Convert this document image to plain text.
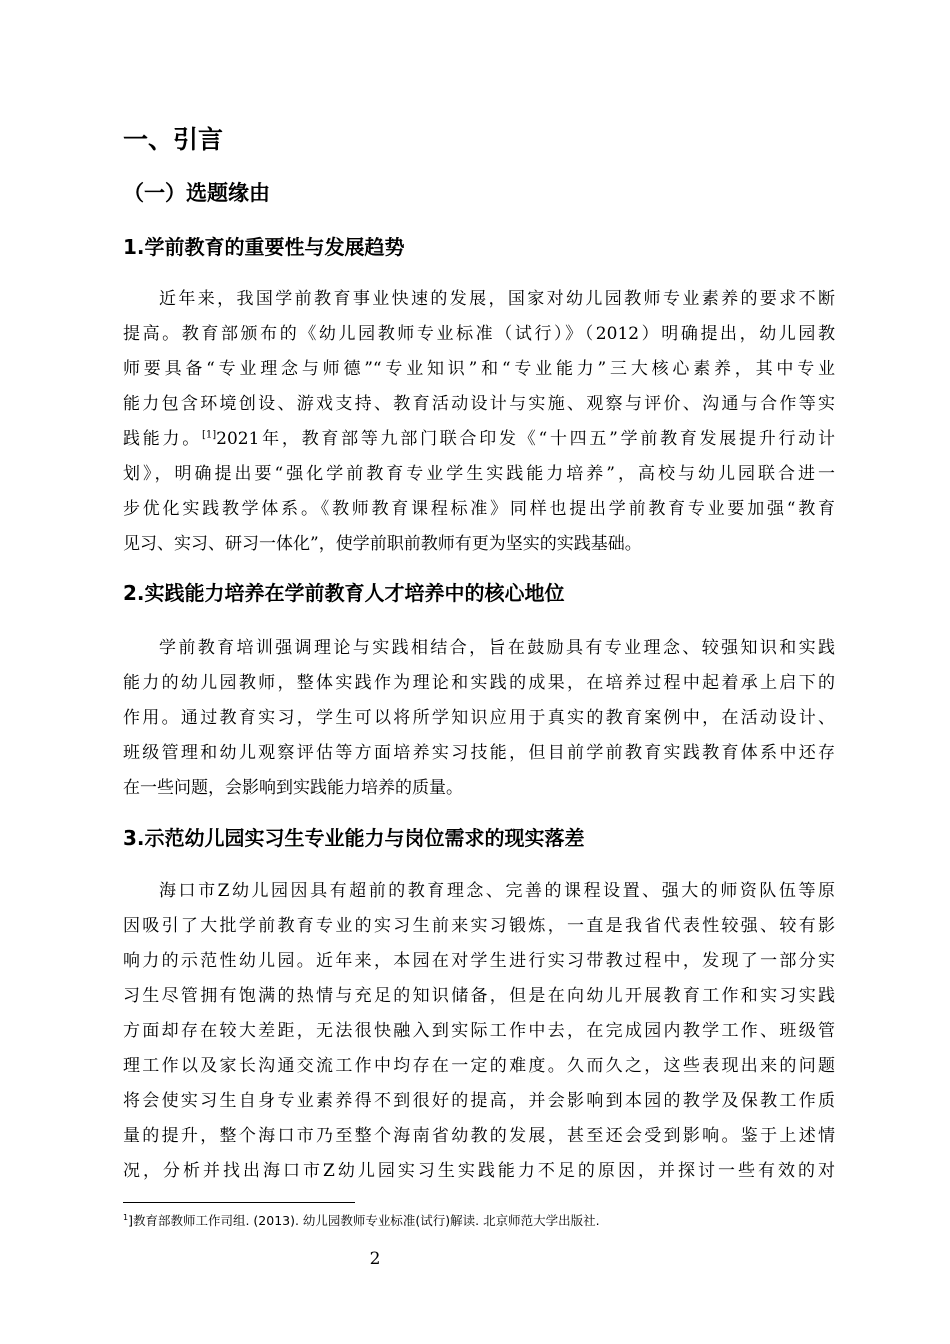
一、引言
（一）选题缘由
1.学前教育的重要性与发展趋势
近年来，我国学前教育事业快速的发展，国家对幼儿园教师专业素养的要求不断
提高。教育部颁布的《幼儿园教师专业标准（试行）》（2012）明确提出，幼儿园教
师要具备“专业理念与师德”“专业知识”和“专业能力”三大核心素养，其中专业
能力包含环境创设、游戏支持、教育活动设计与实施、观察与评价、沟通与合作等实
践能力。[1]2021年，教育部等九部门联合印发《“十四五”学前教育发展提升行动计
划》，明确提出要“强化学前教育专业学生实践能力培养”，高校与幼儿园联合进一
步优化实践教学体系。《教师教育课程标准》同样也提出学前教育专业要加强“教育
见习、实习、研习一体化”，使学前职前教师有更为坚实的实践基础。
2.实践能力培养在学前教育人才培养中的核心地位
学前教育培训强调理论与实践相结合，旨在鼓励具有专业理念、较强知识和实践
能力的幼儿园教师，整体实践作为理论和实践的成果，在培养过程中起着承上启下的
作用。通过教育实习，学生可以将所学知识应用于真实的教育案例中，在活动设计、
班级管理和幼儿观察评估等方面培养实习技能，但目前学前教育实践教育体系中还存
在一些问题，会影响到实践能力培养的质量。
3.示范幼儿园实习生专业能力与岗位需求的现实落差
海口市Z幼儿园因具有超前的教育理念、完善的课程设置、强大的师资队伍等原
因吸引了大批学前教育专业的实习生前来实习锻炼，一直是我省代表性较强、较有影
响力的示范性幼儿园。近年来，本园在对学生进行实习带教过程中，发现了一部分实
习生尽管拥有饱满的热情与充足的知识储备，但是在向幼儿开展教育工作和实习实践
方面却存在较大差距，无法很快融入到实际工作中去，在完成园内教学工作、班级管
理工作以及家长沟通交流工作中均存在一定的难度。久而久之，这些表现出来的问题
将会使实习生自身专业素养得不到很好的提高，并会影响到本园的教学及保教工作质
量的提升，整个海口市乃至整个海南省幼教的发展，甚至还会受到影响。鉴于上述情
况，分析并找出海口市Z幼儿园实习生实践能力不足的原因，并探讨一些有效的对

$^1$]教育部教师工作司组. (2013). 幼儿园教师专业标准(试行)解读. 北京师范大学出版社.

2
